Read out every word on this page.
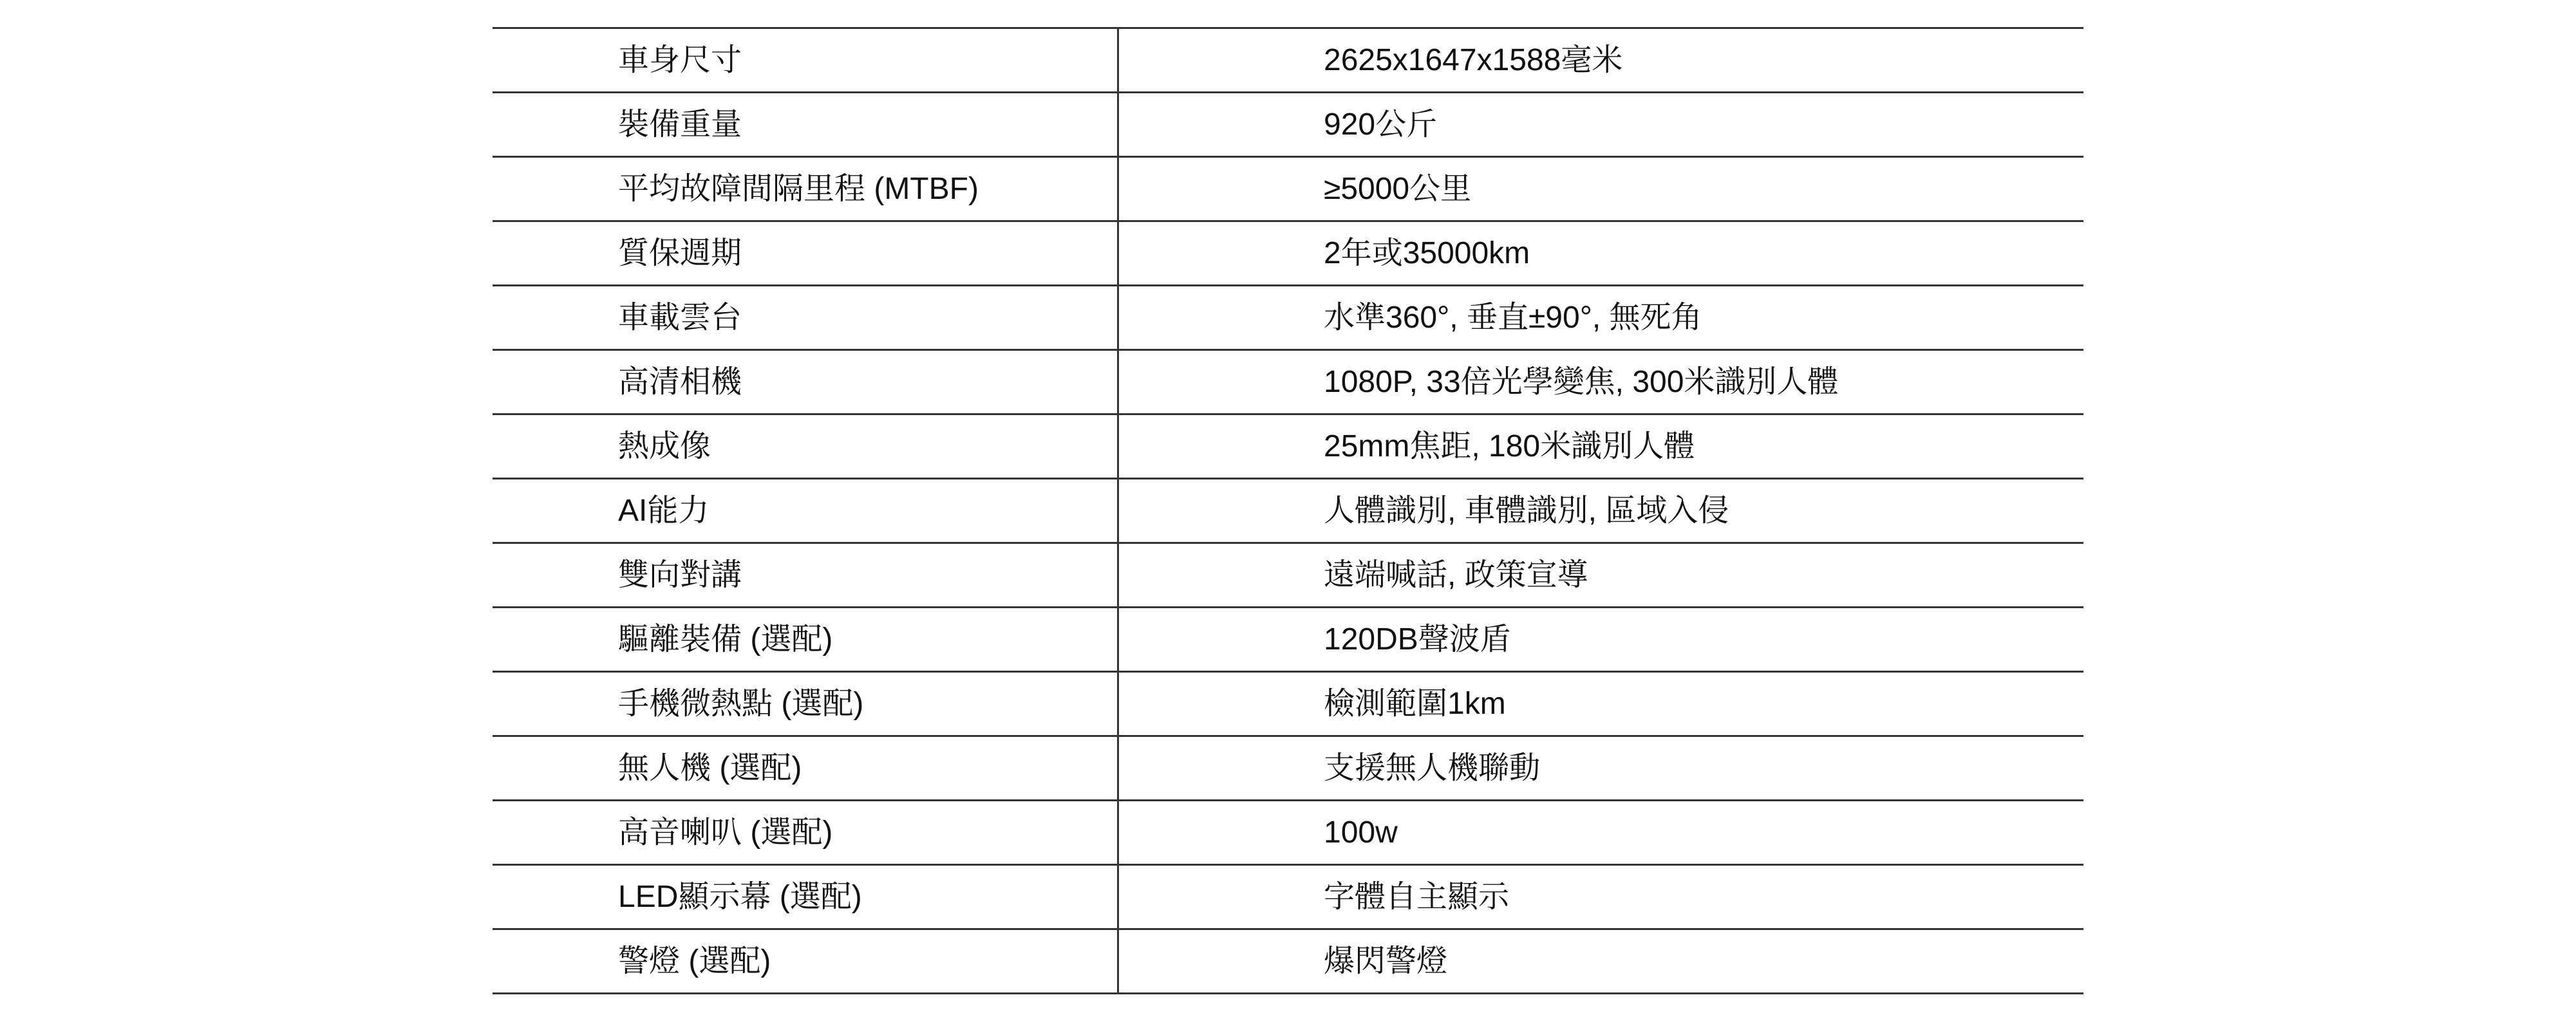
車身尺寸	2625x1647x1588毫米
裝備重量	920公斤
平均故障間隔里程 (MTBF)	≥5000公里
質保週期	2年或35000km
車載雲台	水準360°, 垂直±90°, 無死角
高清相機	1080P, 33倍光學變焦, 300米識別人體
熱成像	25mm焦距, 180米識別人體
AI能力	人體識別, 車體識別, 區域入侵
雙向對講	遠端喊話, 政策宣導
驅離裝備 (選配)	120DB聲波盾
手機微熱點 (選配)	檢測範圍1km
無人機 (選配)	支援無人機聯動
高音喇叭 (選配)	100w
LED顯示幕 (選配)	字體自主顯示
警燈 (選配)	爆閃警燈
